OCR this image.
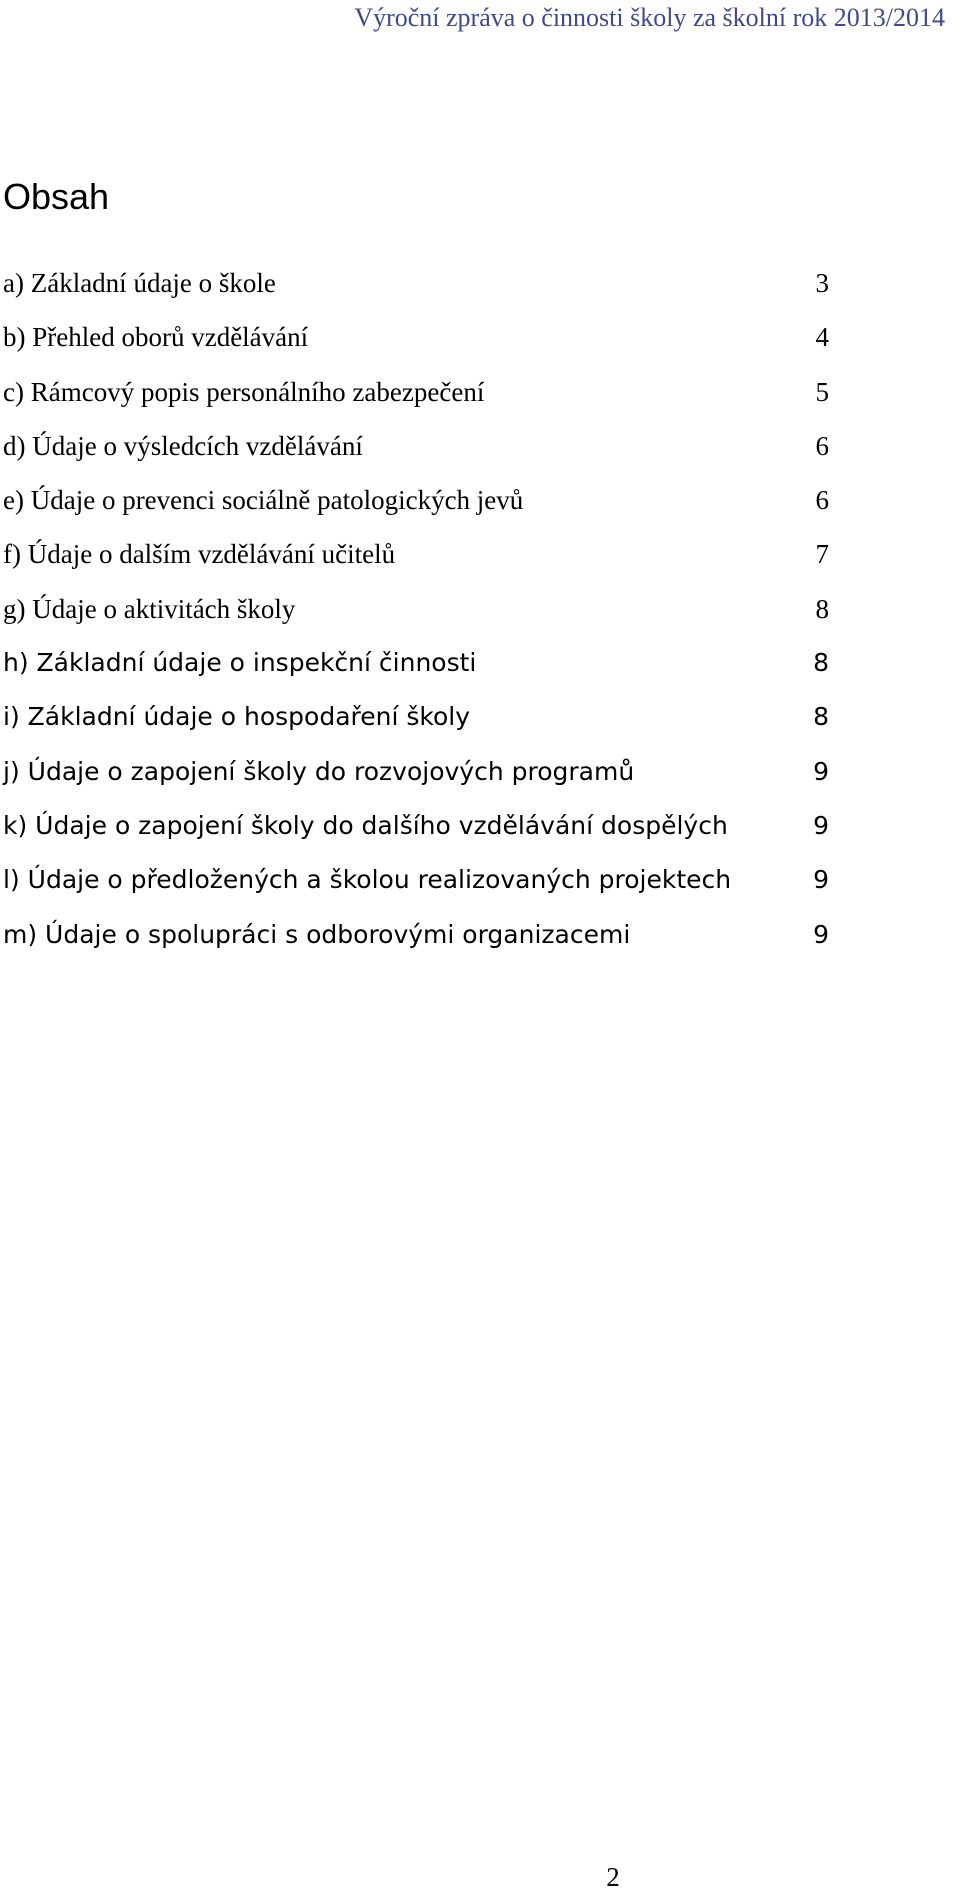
Výroční zpráva o činnosti školy za školní rok 2013/2014
Obsah
a) Základní údaje o škole	3
b) Přehled oborů vzdělávání	4
c) Rámcový popis personálního zabezpečení	5
d) Údaje o výsledcích vzdělávání	6
e) Údaje o prevenci sociálně patologických jevů	6
f) Údaje o dalším vzdělávání učitelů	7
g) Údaje o aktivitách školy	8
h) Základní údaje o inspekční činnosti	8
i) Základní údaje o hospodaření školy	8
j) Údaje o zapojení školy do rozvojových programů	9
k) Údaje o zapojení školy do dalšího vzdělávání dospělých	9
l) Údaje o předložených a školou realizovaných projektech	9
m) Údaje o spolupráci s odborovými organizacemi	9
2
